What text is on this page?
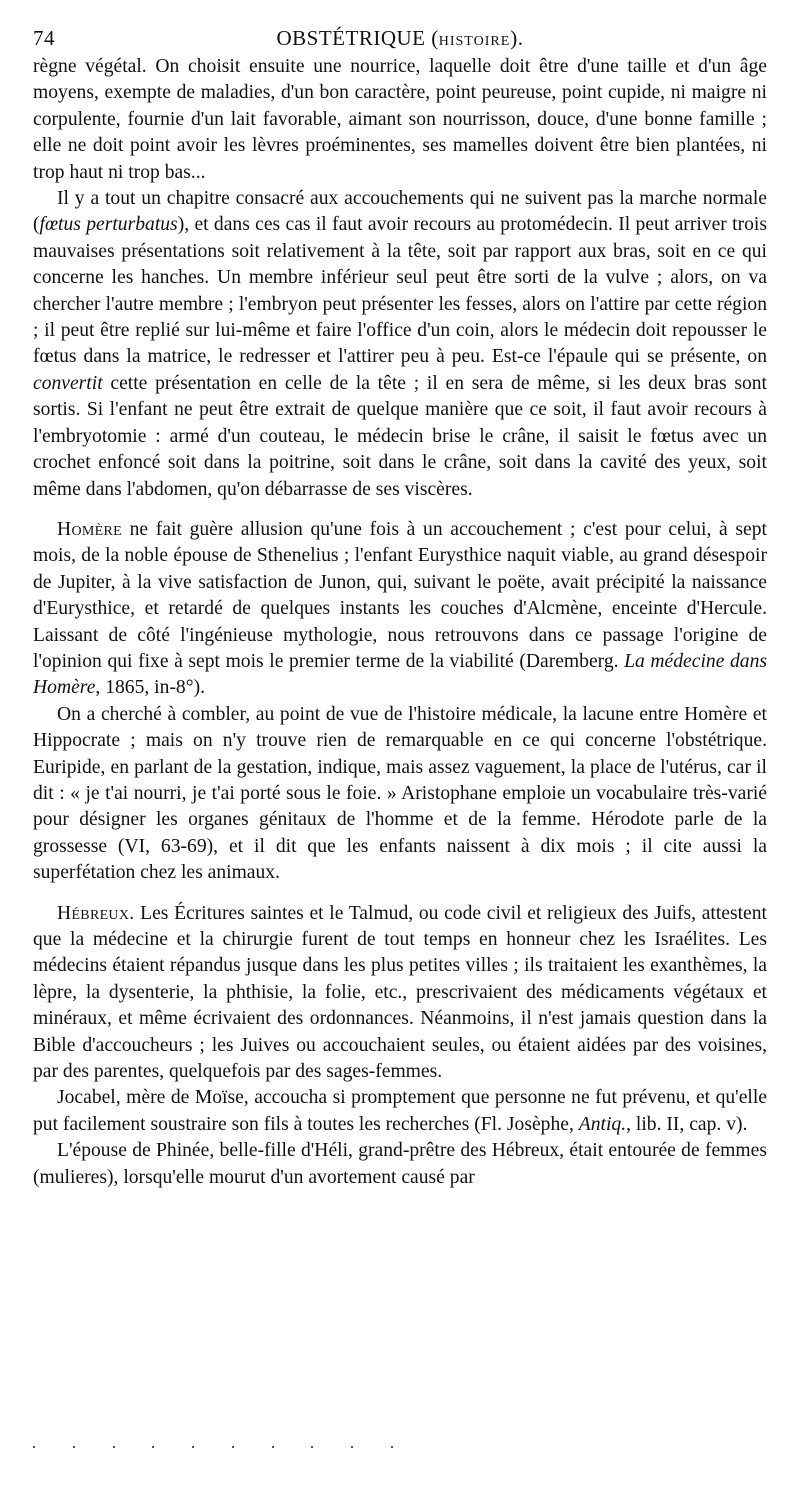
74	OBSTÉTRIQUE (HISTOIRE).

règne végétal. On choisit ensuite une nourrice, laquelle doit être d'une taille et d'un âge moyens, exempte de maladies, d'un bon caractère, point peureuse, point cupide, ni maigre ni corpulente, fournie d'un lait favorable, aimant son nourrisson, douce, d'une bonne famille ; elle ne doit point avoir les lèvres proéminentes, ses mamelles doivent être bien plantées, ni trop haut ni trop bas...

Il y a tout un chapitre consacré aux accouchements qui ne suivent pas la marche normale (fœtus perturbatus), et dans ces cas il faut avoir recours au protomédecin. Il peut arriver trois mauvaises présentations soit relativement à la tête, soit par rapport aux bras, soit en ce qui concerne les hanches. Un membre inférieur seul peut être sorti de la vulve ; alors, on va chercher l'autre membre ; l'embryon peut présenter les fesses, alors on l'attire par cette région ; il peut être replié sur lui-même et faire l'office d'un coin, alors le médecin doit repousser le fœtus dans la matrice, le redresser et l'attirer peu à peu. Est-ce l'épaule qui se présente, on convertit cette présentation en celle de la tête ; il en sera de même, si les deux bras sont sortis. Si l'enfant ne peut être extrait de quelque manière que ce soit, il faut avoir recours à l'embryotomie : armé d'un couteau, le médecin brise le crâne, il saisit le fœtus avec un crochet enfoncé soit dans la poitrine, soit dans le crâne, soit dans la cavité des yeux, soit même dans l'abdomen, qu'on débarrasse de ses viscères.

Homère ne fait guère allusion qu'une fois à un accouchement ; c'est pour celui, à sept mois, de la noble épouse de Sthenelius ; l'enfant Eurysthice naquit viable, au grand désespoir de Jupiter, à la vive satisfaction de Junon, qui, suivant le poëte, avait précipité la naissance d'Eurysthice, et retardé de quelques instants les couches d'Alcmène, enceinte d'Hercule. Laissant de côté l'ingénieuse mythologie, nous retrouvons dans ce passage l'origine de l'opinion qui fixe à sept mois le premier terme de la viabilité (Daremberg. La médecine dans Homère, 1865, in-8°).

On a cherché à combler, au point de vue de l'histoire médicale, la lacune entre Homère et Hippocrate ; mais on n'y trouve rien de remarquable en ce qui concerne l'obstétrique. Euripide, en parlant de la gestation, indique, mais assez vaguement, la place de l'utérus, car il dit : « je t'ai nourri, je t'ai porté sous le foie. » Aristophane emploie un vocabulaire très-varié pour désigner les organes génitaux de l'homme et de la femme. Hérodote parle de la grossesse (VI, 63-69), et il dit que les enfants naissent à dix mois ; il cite aussi la superfétation chez les animaux.

Hébreux. Les Écritures saintes et le Talmud, ou code civil et religieux des Juifs, attestent que la médecine et la chirurgie furent de tout temps en honneur chez les Israélites. Les médecins étaient répandus jusque dans les plus petites villes ; ils traitaient les exanthèmes, la lèpre, la dysenterie, la phthisie, la folie, etc., prescrivaient des médicaments végétaux et minéraux, et même écrivaient des ordonnances. Néanmoins, il n'est jamais question dans la Bible d'accoucheurs ; les Juives ou accouchaient seules, ou étaient aidées par des voisines, par des parentes, quelquefois par des sages-femmes.

Jocabel, mère de Moïse, accoucha si promptement que personne ne fut prévenu, et qu'elle put facilement soustraire son fils à toutes les recherches (Fl. Josèphe, Antiq., lib. II, cap. v).

L'épouse de Phinée, belle-fille d'Héli, grand-prêtre des Hébreux, était entourée de femmes (mulieres), lorsqu'elle mourut d'un avortement causé par
